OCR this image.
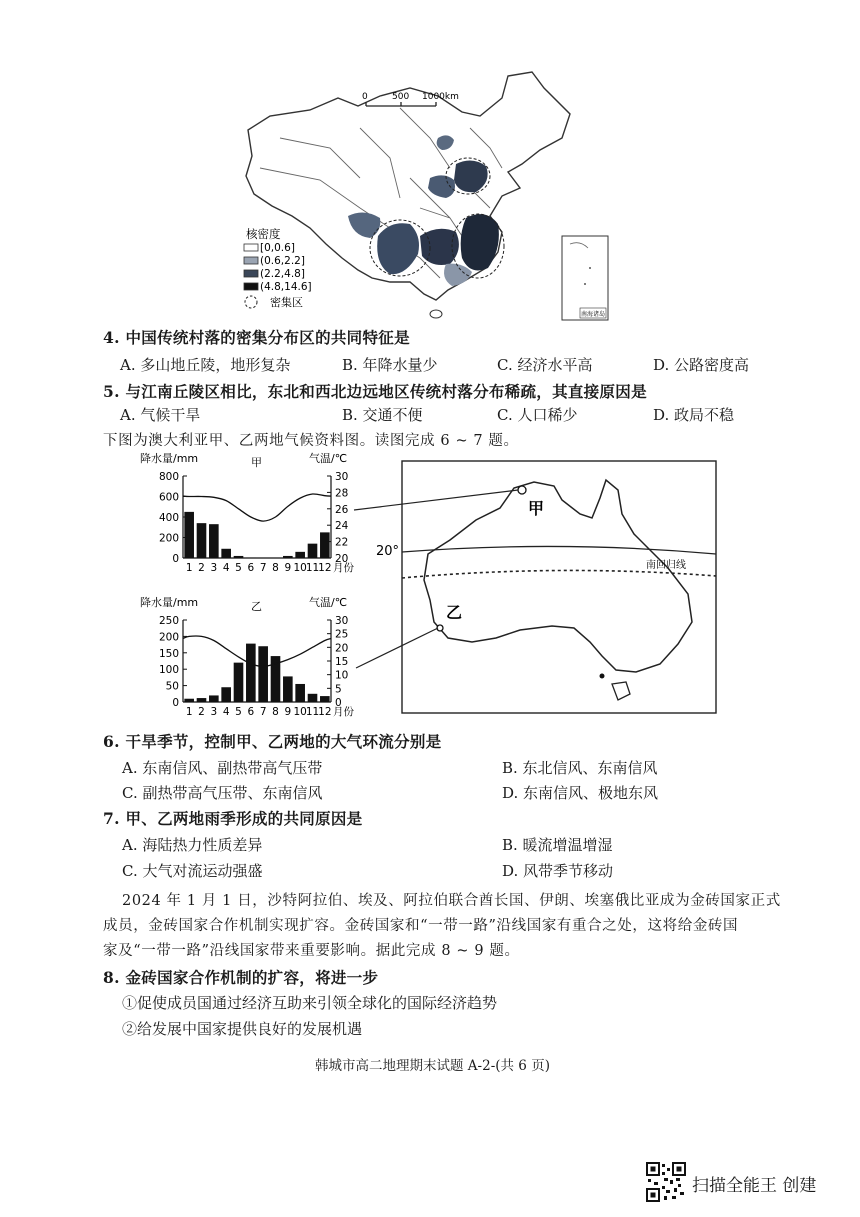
0	500 1000km
核密度
[0,0.6]
(0.6,2.2]
(2.2,4.8]
(4.8,14.6]
密集区
南海诸岛
4. 中国传统村落的密集分布区的共同特征是
A. 多山地丘陵，地形复杂	B. 年降水量少	C. 经济水平高	D. 公路密度高
5. 与江南丘陵区相比，东北和西北边远地区传统村落分布稀疏，其直接原因是
A. 气候干旱	B. 交通不便	C. 人口稀少	D. 政局不稳
下图为澳大利亚甲、乙两地气候资料图。读图完成 6 ~ 7 题。
降水量/mm	气温/℃
甲
0
200
400
600
800
20
22
24
26
28
30
1 2 3 4 5 6 7 8 9 10
11
12 月份
降水量/mm	气温/℃
乙
0
50
100
150
200
250
0
5
10
15
20
25
30
1 2 3 4 5 6 7 8 9 10
11
12 月份
20°
南回归线
甲
乙
6. 干旱季节，控制甲、乙两地的大气环流分别是
A. 东南信风、副热带高气压带	B. 东北信风、东南信风
C. 副热带高气压带、东南信风	D. 东南信风、极地东风
7. 甲、乙两地雨季形成的共同原因是
A. 海陆热力性质差异	B. 暖流增温增湿
C. 大气对流运动强盛	D. 风带季节移动
2024 年 1 月 1 日，沙特阿拉伯、埃及、阿拉伯联合酋长国、伊朗、埃塞俄比亚成为金砖国家正式
成员，金砖国家合作机制实现扩容。金砖国家和“一带一路”沿线国家有重合之处，这将给金砖国
家及“一带一路”沿线国家带来重要影响。据此完成 8 ~ 9 题。
8. 金砖国家合作机制的扩容，将进一步
①促使成员国通过经济互助来引领全球化的国际经济趋势
②给发展中国家提供良好的发展机遇
韩城市高二地理期末试题 A-2-(共 6 页)
扫描全能王 创建
